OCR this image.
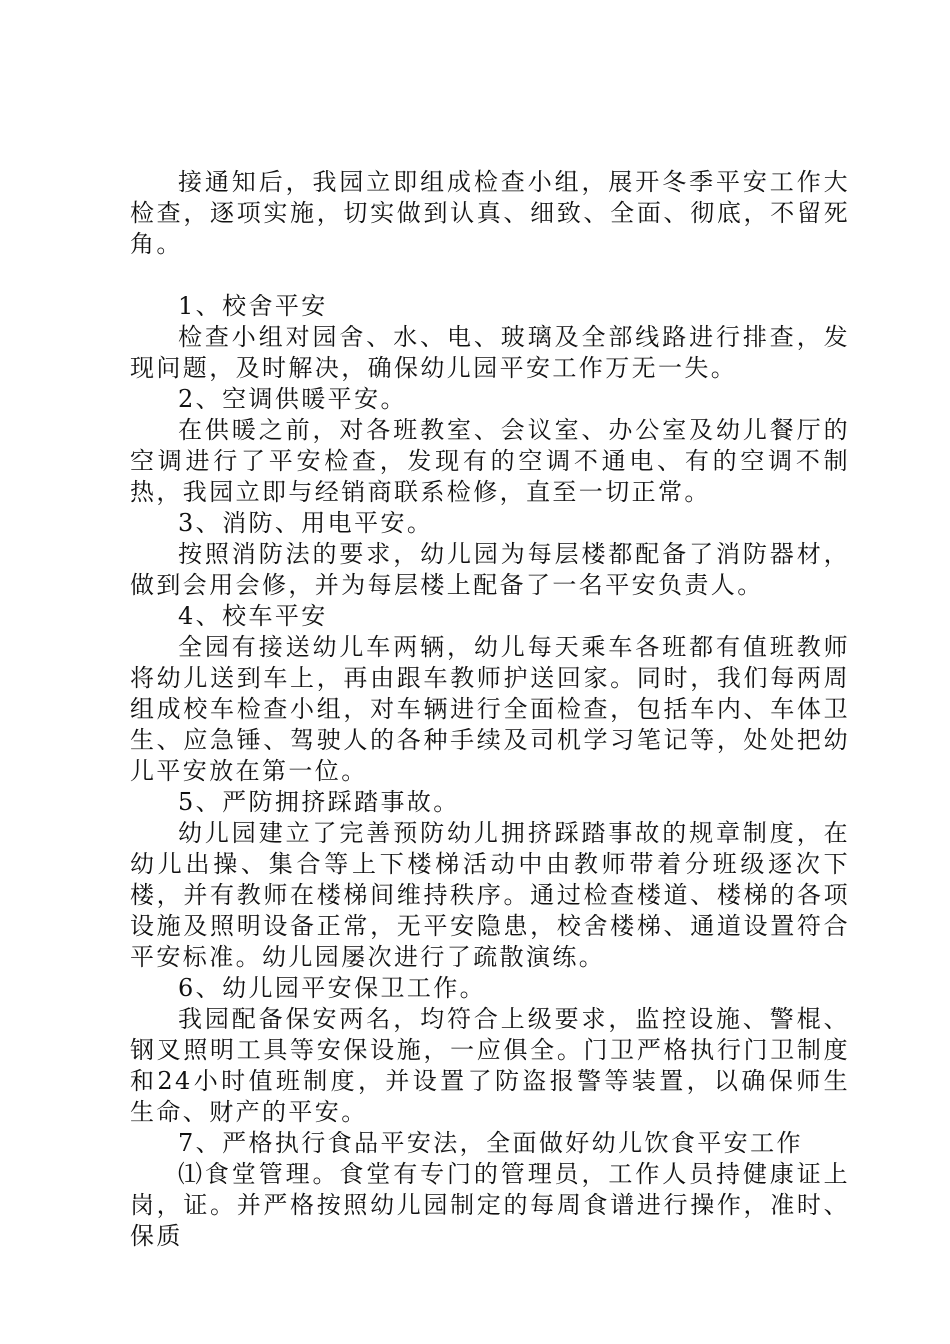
接通知后，我园立即组成检查小组，展开冬季平安工作大检查，逐项实施，切实做到认真、细致、全面、彻底，不留死角。

1、校舍平安

检查小组对园舍、水、电、玻璃及全部线路进行排查，发现问题，及时解决，确保幼儿园平安工作万无一失。

2、空调供暖平安。

在供暖之前，对各班教室、会议室、办公室及幼儿餐厅的空调进行了平安检查，发现有的空调不通电、有的空调不制热，我园立即与经销商联系检修，直至一切正常。

3、消防、用电平安。

按照消防法的要求，幼儿园为每层楼都配备了消防器材，做到会用会修，并为每层楼上配备了一名平安负责人。

4、校车平安

全园有接送幼儿车两辆，幼儿每天乘车各班都有值班教师将幼儿送到车上，再由跟车教师护送回家。同时，我们每两周组成校车检查小组，对车辆进行全面检查，包括车内、车体卫生、应急锤、驾驶人的各种手续及司机学习笔记等，处处把幼儿平安放在第一位。

5、严防拥挤踩踏事故。

幼儿园建立了完善预防幼儿拥挤踩踏事故的规章制度，在幼儿出操、集合等上下楼梯活动中由教师带着分班级逐次下楼，并有教师在楼梯间维持秩序。通过检查楼道、楼梯的各项设施及照明设备正常，无平安隐患，校舍楼梯、通道设置符合平安标准。幼儿园屡次进行了疏散演练。

6、幼儿园平安保卫工作。

我园配备保安两名，均符合上级要求，监控设施、警棍、钢叉照明工具等安保设施，一应俱全。门卫严格执行门卫制度和24小时值班制度，并设置了防盗报警等装置，以确保师生生命、财产的平安。

7、严格执行食品平安法，全面做好幼儿饮食平安工作

⑴食堂管理。食堂有专门的管理员，工作人员持健康证上岗，证。并严格按照幼儿园制定的每周食谱进行操作，准时、保质
